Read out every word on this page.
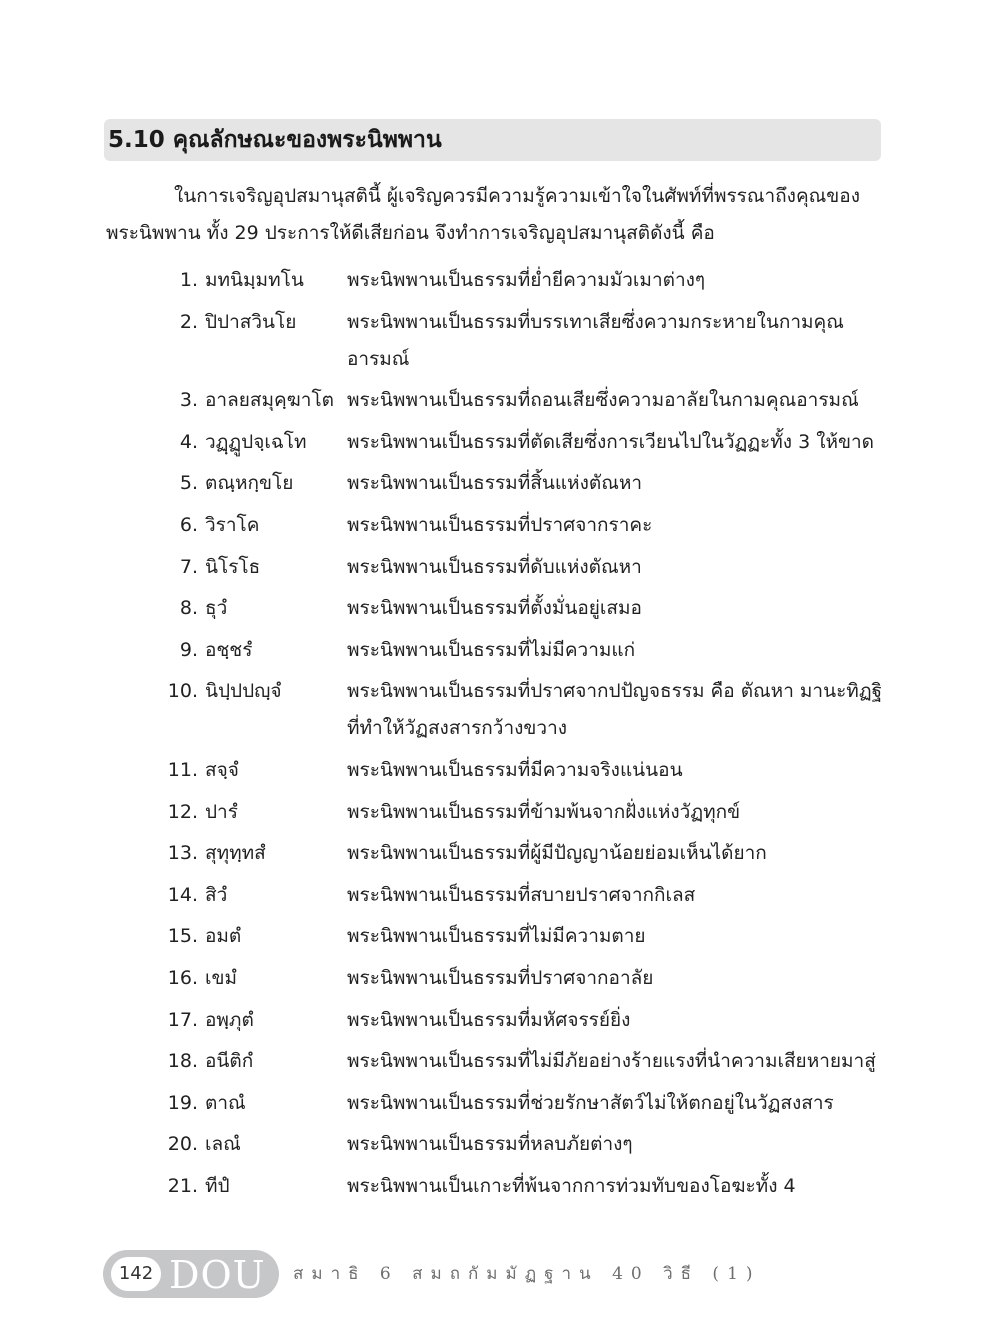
5.10 คุณลักษณะของพระนิพพาน

ในการเจริญอุปสมานุสตินี้ ผู้เจริญควรมีความรู้ความเข้าใจในศัพท์ที่พรรณาถึงคุณของพระนิพพาน ทั้ง 29 ประการให้ดีเสียก่อน จึงทำการเจริญอุปสมานุสติดังนี้ คือ

1. มทนิมฺมทโน	พระนิพพานเป็นธรรมที่ย่ำยีความมัวเมาต่างๆ
2. ปิปาสวินโย	พระนิพพานเป็นธรรมที่บรรเทาเสียซึ่งความกระหายในกามคุณอารมณ์
3. อาลยสมุคฺฆาโต พระนิพพานเป็นธรรมที่ถอนเสียซึ่งความอาลัยในกามคุณอารมณ์
4. วฏฺฏูปจฺเฉโท	พระนิพพานเป็นธรรมที่ตัดเสียซึ่งการเวียนไปในวัฏฏะทั้ง 3 ให้ขาด
5. ตณฺหกฺขโย	พระนิพพานเป็นธรรมที่สิ้นแห่งตัณหา
6. วิราโค	พระนิพพานเป็นธรรมที่ปราศจากราคะ
7. นิโรโธ	พระนิพพานเป็นธรรมที่ดับแห่งตัณหา
8. ธุวํ	พระนิพพานเป็นธรรมที่ตั้งมั่นอยู่เสมอ
9. อชฺชรํ	พระนิพพานเป็นธรรมที่ไม่มีความแก่
10. นิปฺปปญฺจํ	พระนิพพานเป็นธรรมที่ปราศจากปปัญจธรรม คือ ตัณหา มานะทิฏฐิ ที่ทำให้วัฏสงสารกว้างขวาง
11. สจฺจํ	พระนิพพานเป็นธรรมที่มีความจริงแน่นอน
12. ปารํ	พระนิพพานเป็นธรรมที่ข้ามพ้นจากฝั่งแห่งวัฏทุกข์
13. สุทุทฺทสํ	พระนิพพานเป็นธรรมที่ผู้มีปัญญาน้อยย่อมเห็นได้ยาก
14. สิวํ	พระนิพพานเป็นธรรมที่สบายปราศจากกิเลส
15. อมตํ	พระนิพพานเป็นธรรมที่ไม่มีความตาย
16. เขมํ	พระนิพพานเป็นธรรมที่ปราศจากอาลัย
17. อพฺภุตํ	พระนิพพานเป็นธรรมที่มหัศจรรย์ยิ่ง
18. อนีติกํ	พระนิพพานเป็นธรรมที่ไม่มีภัยอย่างร้ายแรงที่นำความเสียหายมาสู่
19. ตาณํ	พระนิพพานเป็นธรรมที่ช่วยรักษาสัตว์ไม่ให้ตกอยู่ในวัฏสงสาร
20. เลณํ	พระนิพพานเป็นธรรมที่หลบภัยต่างๆ
21. ทีปํ	พระนิพพานเป็นเกาะที่พ้นจากการท่วมทับของโอฆะทั้ง 4
142 DOU สมาธิ 6 สมถกัมมัฏฐาน 40 วิธี (1)
